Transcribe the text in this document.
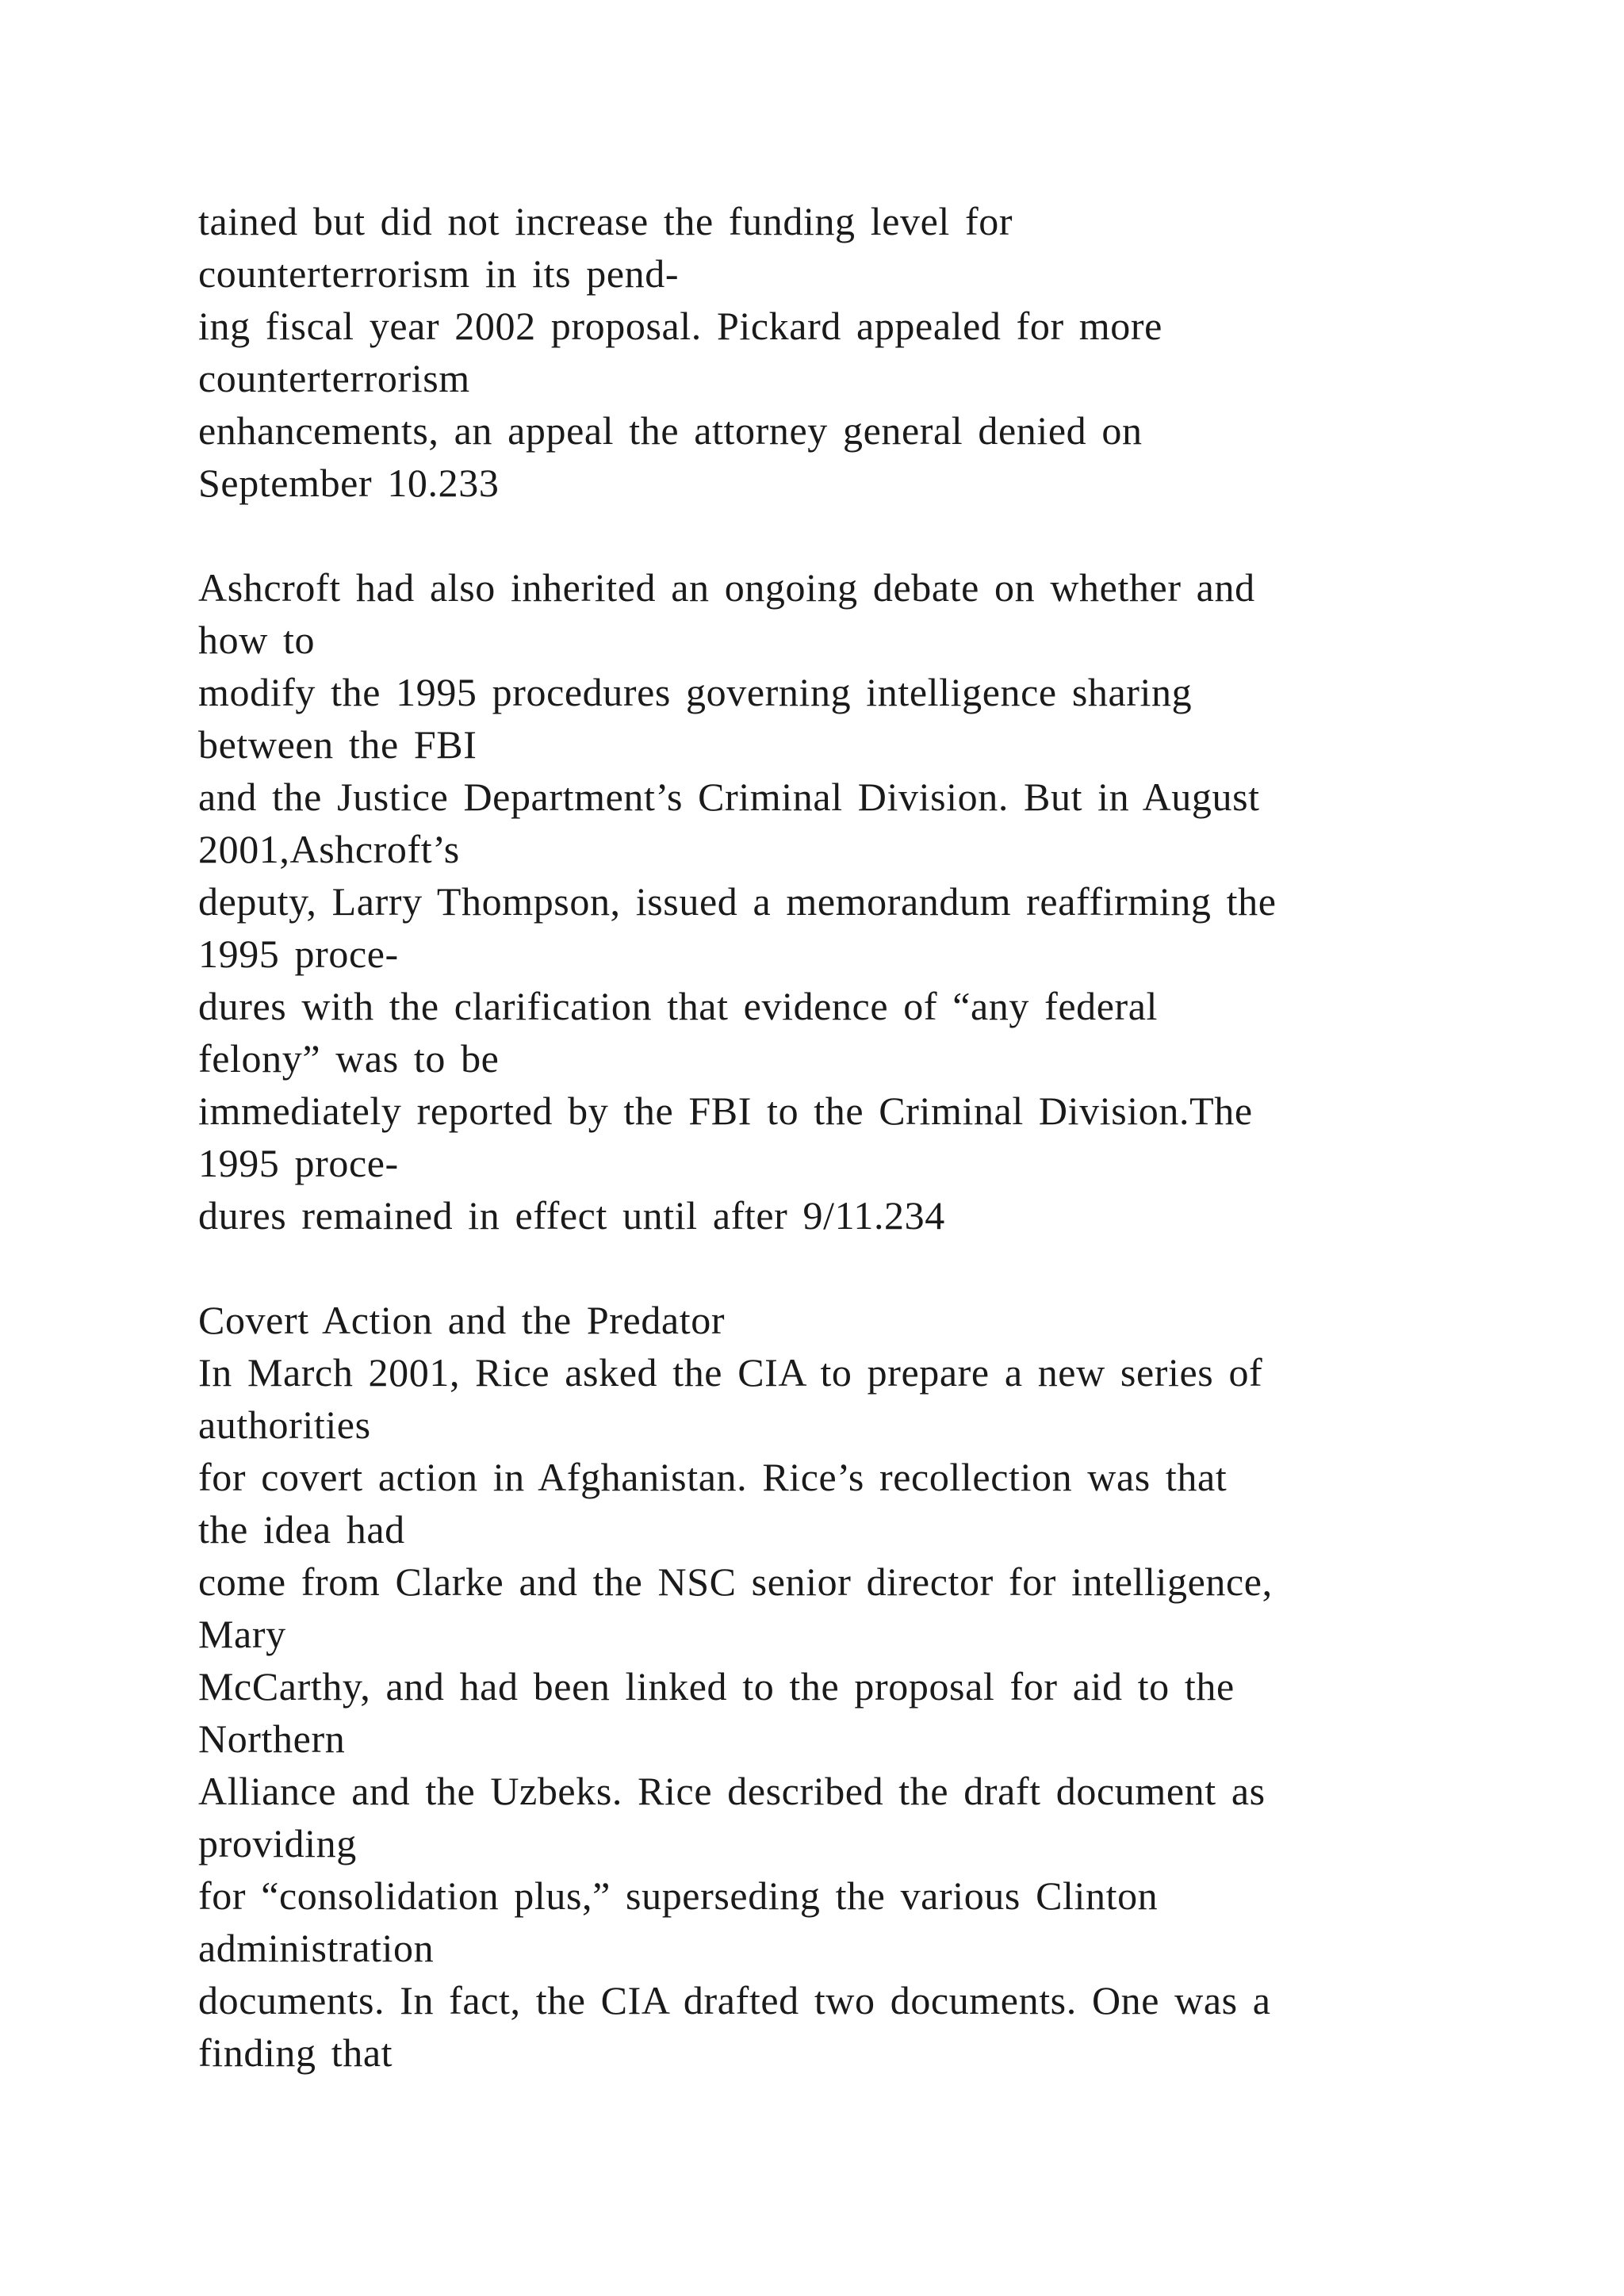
tained but did not increase the funding level for
counterterrorism in its pend-
ing fiscal year 2002 proposal. Pickard appealed for more
counterterrorism
enhancements, an appeal the attorney general denied on
September 10.233
Ashcroft had also inherited an ongoing debate on whether and
how to
modify the 1995 procedures governing intelligence sharing
between the FBI
and the Justice Department’s Criminal Division. But in August
2001,Ashcroft’s
deputy, Larry Thompson, issued a memorandum reaffirming the
1995 proce-
dures with the clarification that evidence of “any federal
felony” was to be
immediately reported by the FBI to the Criminal Division.The
1995 proce-
dures remained in effect until after 9/11.234
Covert Action and the Predator
In March 2001, Rice asked the CIA to prepare a new series of
authorities
for covert action in Afghanistan. Rice’s recollection was that
the idea had
come from Clarke and the NSC senior director for intelligence,
Mary
McCarthy, and had been linked to the proposal for aid to the
Northern
Alliance and the Uzbeks. Rice described the draft document as
providing
for “consolidation plus,” superseding the various Clinton
administration
documents. In fact, the CIA drafted two documents. One was a
finding that
